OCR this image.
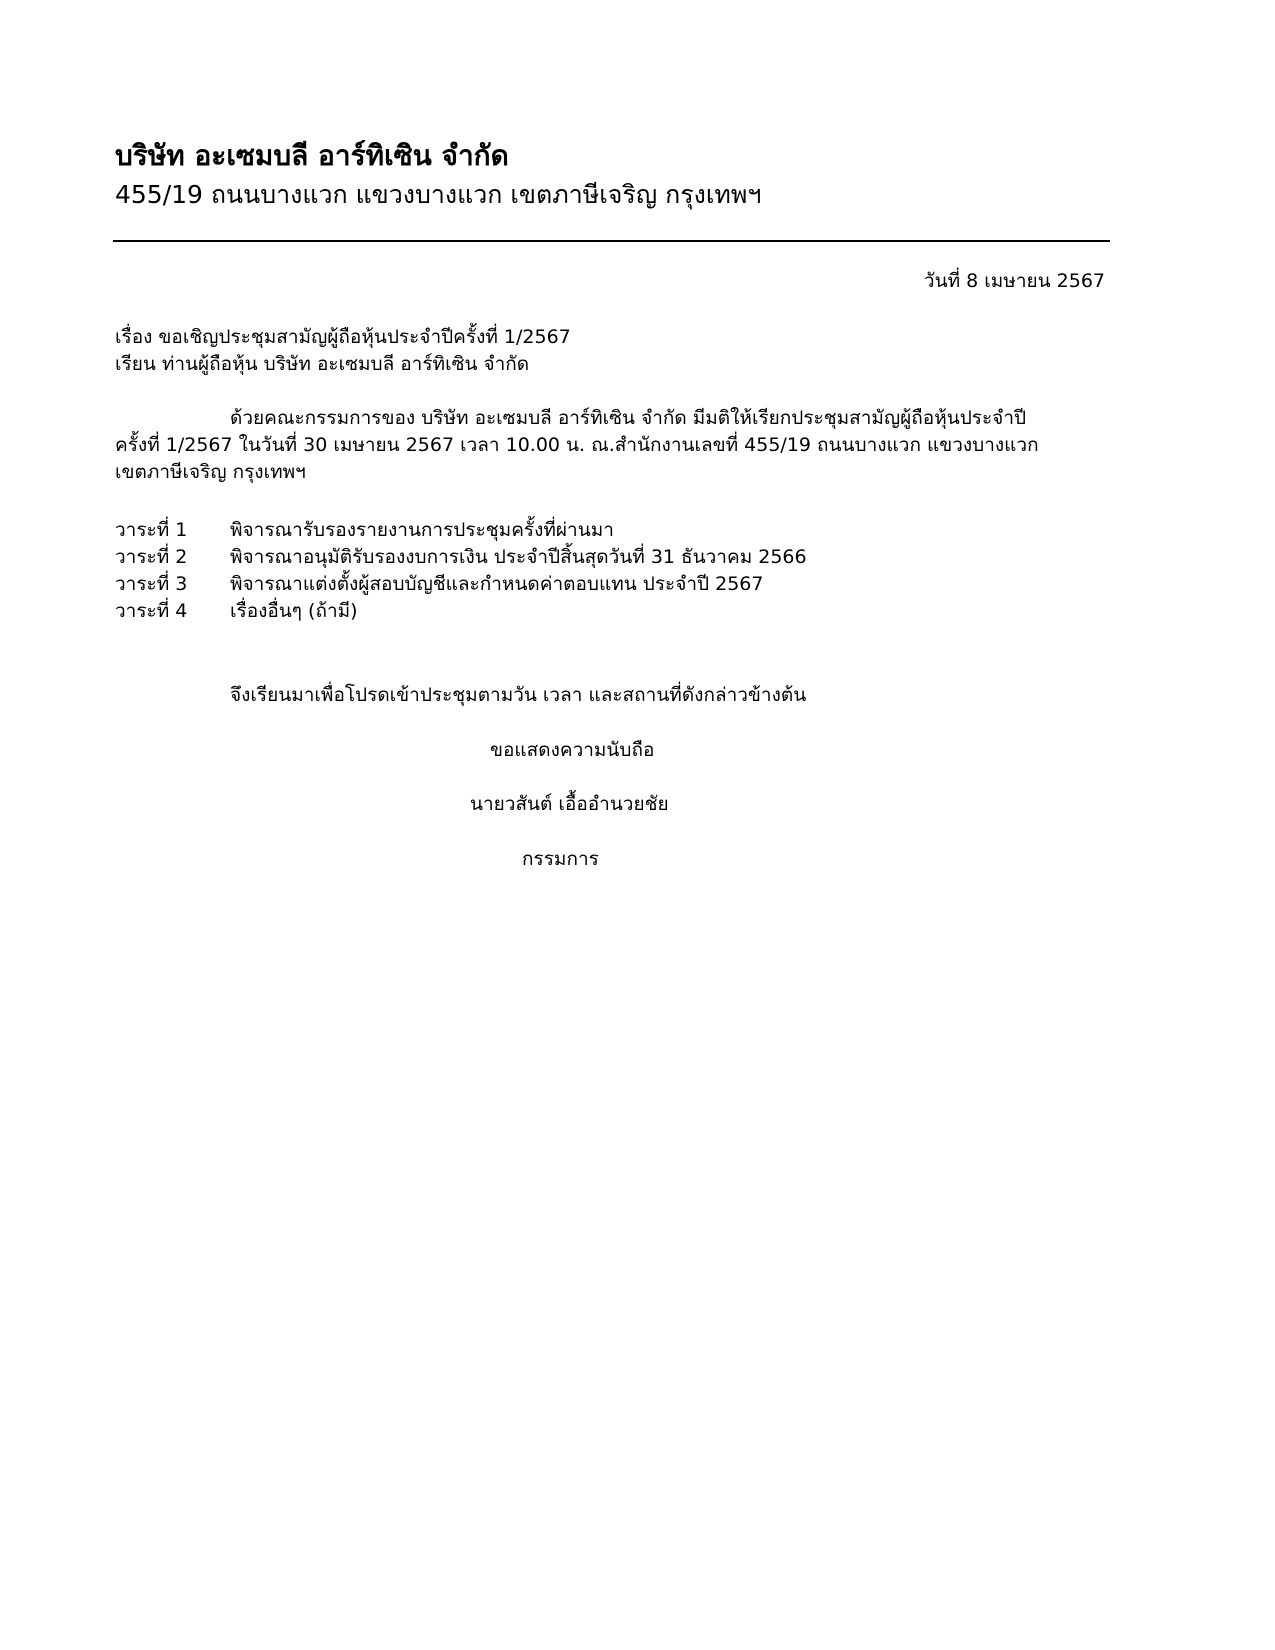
บริษัท อะเซมบลี อาร์ทิเซิน จำกัด
455/19 ถนนบางแวก แขวงบางแวก เขตภาษีเจริญ กรุงเทพฯ
วันที่ 8 เมษายน 2567
เรื่อง ขอเชิญประชุมสามัญผู้ถือหุ้นประจำปีครั้งที่ 1/2567
เรียน ท่านผู้ถือหุ้น บริษัท อะเซมบลี อาร์ทิเซิน จำกัด
ด้วยคณะกรรมการของ บริษัท อะเซมบลี อาร์ทิเซิน จำกัด มีมติให้เรียกประชุมสามัญผู้ถือหุ้นประจำปี
ครั้งที่ 1/2567 ในวันที่ 30 เมษายน 2567 เวลา 10.00 น. ณ.สำนักงานเลขที่ 455/19 ถนนบางแวก แขวงบางแวก
เขตภาษีเจริญ กรุงเทพฯ
วาระที่ 1 พิจารณารับรองรายงานการประชุมครั้งที่ผ่านมา
วาระที่ 2 พิจารณาอนุมัติรับรองงบการเงิน ประจำปีสิ้นสุดวันที่ 31 ธันวาคม 2566
วาระที่ 3 พิจารณาแต่งตั้งผู้สอบบัญชีและกำหนดค่าตอบแทน ประจำปี 2567
วาระที่ 4 เรื่องอื่นๆ (ถ้ามี)
จึงเรียนมาเพื่อโปรดเข้าประชุมตามวัน เวลา และสถานที่ดังกล่าวข้างต้น
ขอแสดงความนับถือ
นายวสันต์ เอื้ออำนวยชัย
กรรมการ
